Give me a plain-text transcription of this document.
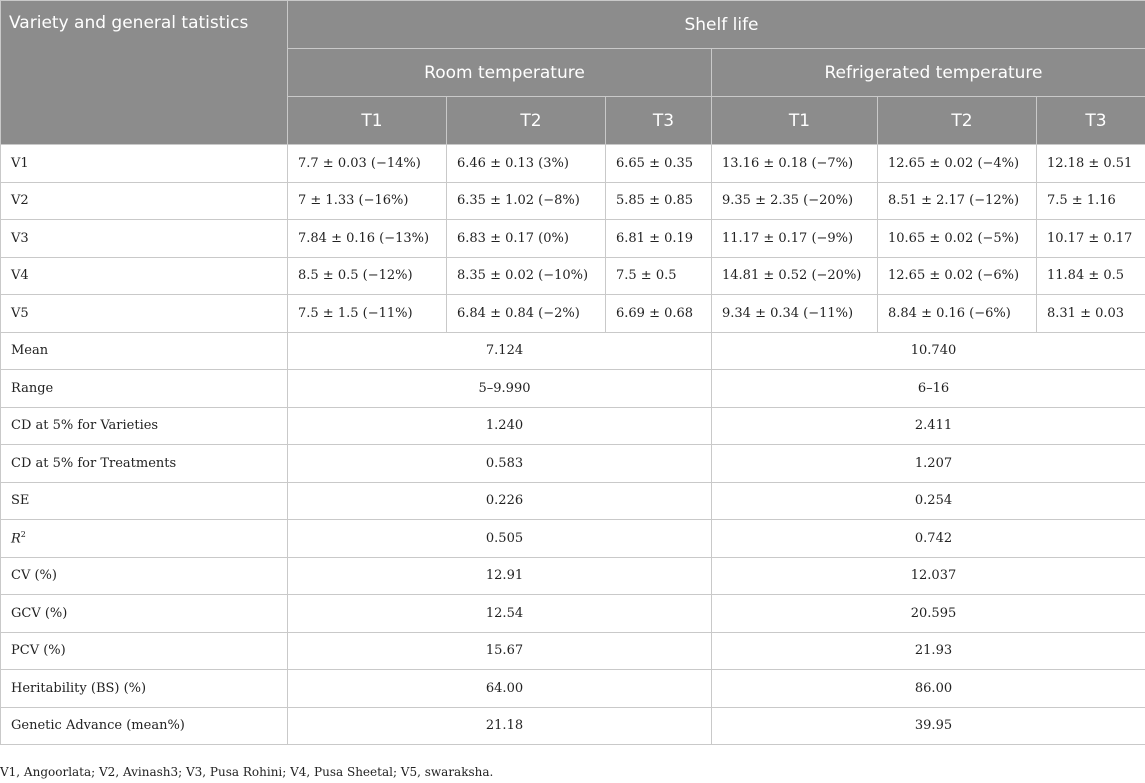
Variety and general tatistics	Shelf life					
	Room temperature			Refrigerated temperature		
	T1	T2	T3	T1	T2	T3
V1	7.7 ± 0.03 (−14%)	6.46 ± 0.13 (3%)	6.65 ± 0.35	13.16 ± 0.18 (−7%)	12.65 ± 0.02 (−4%)	12.18 ± 0.51
V2	7 ± 1.33 (−16%)	6.35 ± 1.02 (−8%)	5.85 ± 0.85	9.35 ± 2.35 (−20%)	8.51 ± 2.17 (−12%)	7.5 ± 1.16
V3	7.84 ± 0.16 (−13%)	6.83 ± 0.17 (0%)	6.81 ± 0.19	11.17 ± 0.17 (−9%)	10.65 ± 0.02 (−5%)	10.17 ± 0.17
V4	8.5 ± 0.5 (−12%)	8.35 ± 0.02 (−10%)	7.5 ± 0.5	14.81 ± 0.52 (−20%)	12.65 ± 0.02 (−6%)	11.84 ± 0.5
V5	7.5 ± 1.5 (−11%)	6.84 ± 0.84 (−2%)	6.69 ± 0.68	9.34 ± 0.34 (−11%)	8.84 ± 0.16 (−6%)	8.31 ± 0.03
Mean	7.124			10.740		
Range	5–9.990			6–16		
CD at 5% for Varieties	1.240			2.411		
CD at 5% for Treatments	0.583			1.207		
SE	0.226			0.254		
$R^2$	0.505			0.742		
CV (%)	12.91			12.037		
GCV (%)	12.54			20.595		
PCV (%)	15.67			21.93		
Heritability (BS) (%)	64.00			86.00		
Genetic Advance (mean%)	21.18			39.95		
V1, Angoorlata; V2, Avinash3; V3, Pusa Rohini; V4, Pusa Sheetal; V5, swaraksha.
